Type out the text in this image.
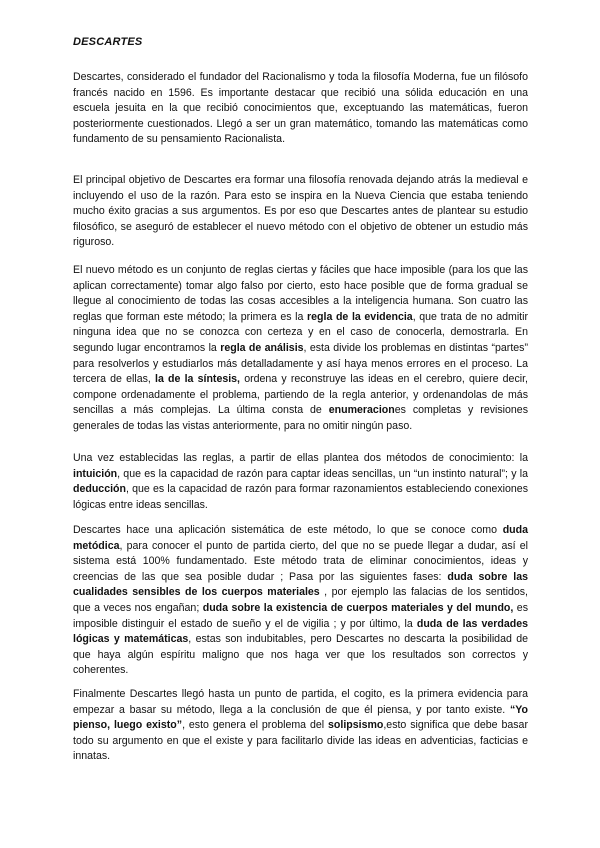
DESCARTES

Descartes, considerado el fundador del Racionalismo y toda la filosofía Moderna, fue un filósofo francés nacido en 1596. Es importante destacar que recibió una sólida educación en una escuela jesuita en la que recibió conocimientos que, exceptuando las matemáticas, fueron posteriormente cuestionados. Llegó a ser un gran matemático, tomando las matemáticas como fundamento de su pensamiento Racionalista.

El principal objetivo de Descartes era formar una filosofía renovada dejando atrás la medieval e incluyendo el uso de la razón. Para esto se inspira en la Nueva Ciencia que estaba teniendo mucho éxito gracias a sus argumentos. Es por eso que Descartes antes de plantear su estudio filosófico, se aseguró de establecer el nuevo método con el objetivo de obtener un estudio más riguroso.

El nuevo método es un conjunto de reglas ciertas y fáciles que hace imposible (para los que las aplican correctamente) tomar algo falso por cierto, esto hace posible que de forma gradual se llegue al conocimiento de todas las cosas accesibles a la inteligencia humana. Son cuatro las reglas que forman este método; la primera es la regla de la evidencia, que trata de no admitir ninguna idea que no se conozca con certeza y en el caso de conocerla, demostrarla. En segundo lugar encontramos la regla de análisis, esta divide los problemas en distintas “partes” para resolverlos y estudiarlos más detalladamente y así haya menos errores en el proceso. La tercera de ellas, la de la síntesis, ordena y reconstruye las ideas en el cerebro, quiere decir, compone ordenadamente el problema, partiendo de la regla anterior, y ordenandolas de más sencillas a más complejas. La última consta de enumeraciones completas y revisiones generales de todas las vistas anteriormente, para no omitir ningún paso.

Una vez establecidas las reglas, a partir de ellas plantea dos métodos de conocimiento: la intuición, que es la capacidad de razón para captar ideas sencillas, un “un instinto natural”; y la deducción, que es la capacidad de razón para formar razonamientos estableciendo conexiones lógicas entre ideas sencillas.

Descartes hace una aplicación sistemática de este método, lo que se conoce como duda metódica, para conocer el punto de partida cierto, del que no se puede llegar a dudar, así el sistema está 100% fundamentado. Este método trata de eliminar conocimientos, ideas y creencias de las que sea posible dudar ; Pasa por las siguientes fases: duda sobre las cualidades sensibles de los cuerpos materiales , por ejemplo las falacias de los sentidos, que a veces nos engañan; duda sobre la existencia de cuerpos materiales y del mundo, es imposible distinguir el estado de sueño y el de vigilia ; y por último, la duda de las verdades lógicas y matemáticas, estas son indubitables, pero Descartes no descarta la posibilidad de que haya algún espíritu maligno que nos haga ver que los resultados son correctos y coherentes.

Finalmente Descartes llegó hasta un punto de partida, el cogito, es la primera evidencia para empezar a basar su método, llega a la conclusión de que él piensa, y por tanto existe. “Yo pienso, luego existo”, esto genera el problema del solipsismo,esto significa que debe basar todo su argumento en que el existe y para facilitarlo divide las ideas en adventicias, facticias e innatas.
